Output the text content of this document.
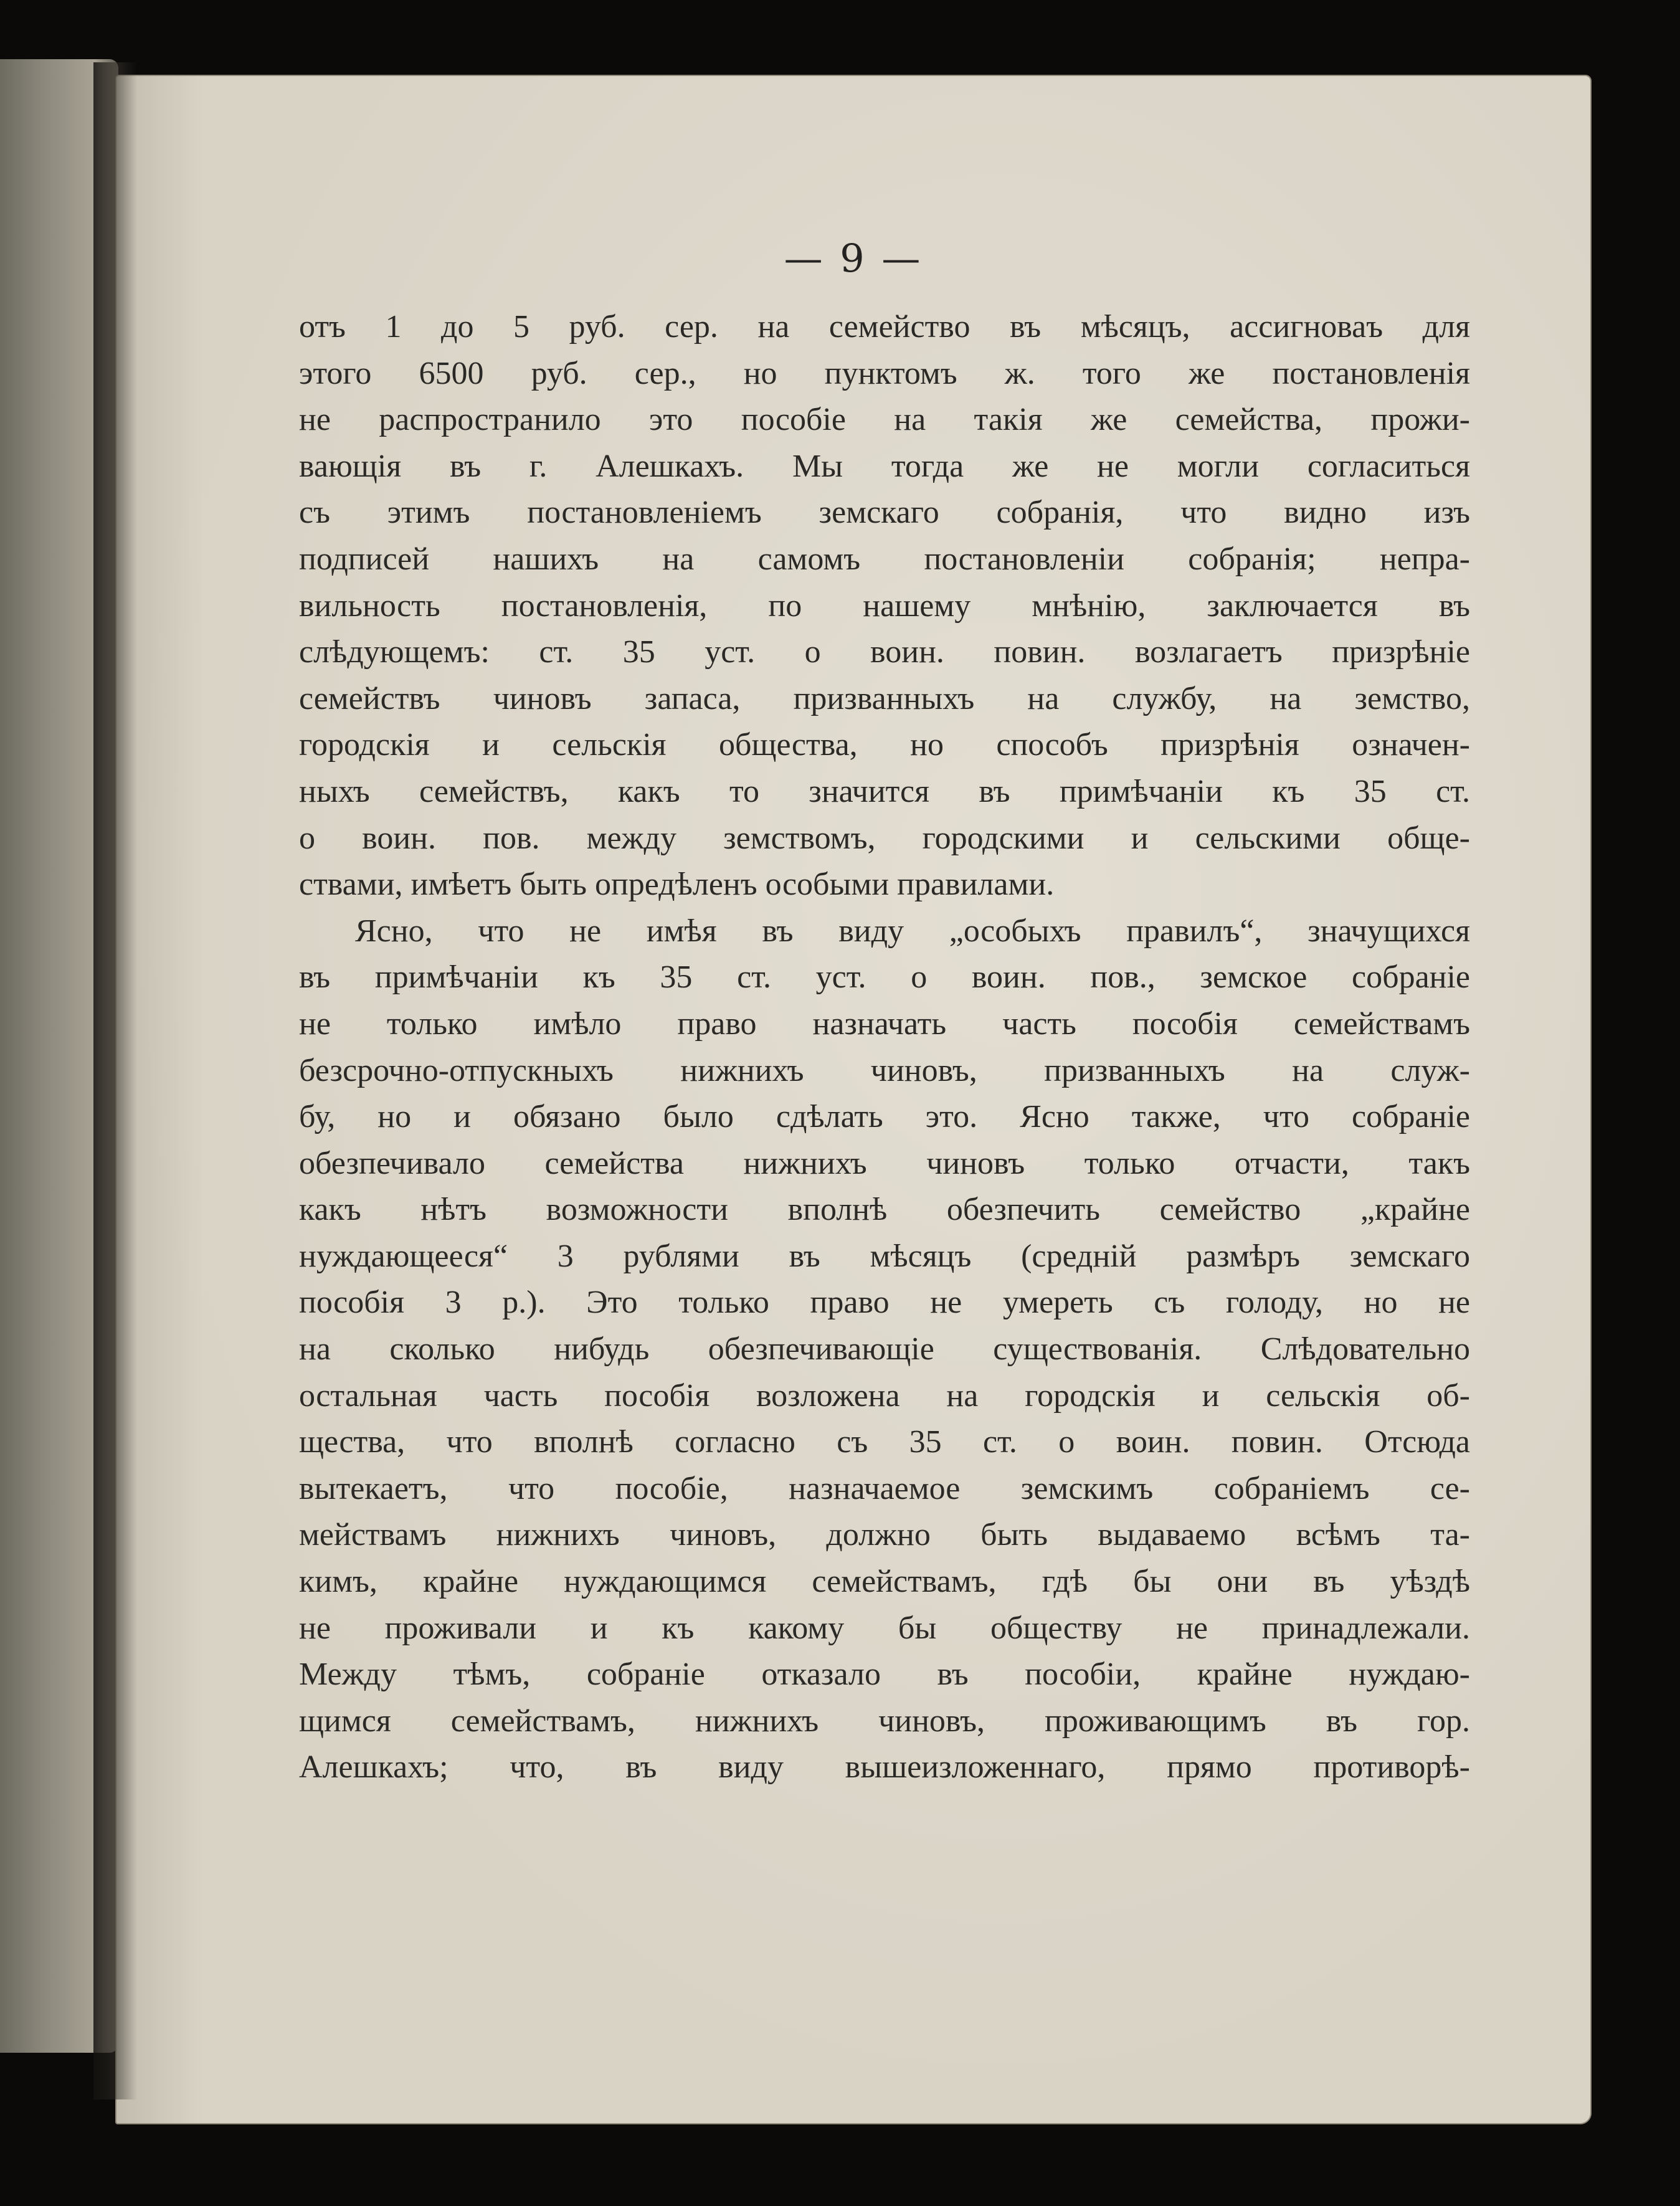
— 9 —
отъ 1 до 5 руб. сер. на семейство въ мѣсяцъ, ассигноваъ для
этого 6500 руб. сер., но пунктомъ ж. того же постановленія
не распространило это пособіе на такія же семейства, прожи-
вающія въ г. Алешкахъ. Мы тогда же не могли согласиться
съ этимъ постановленіемъ земскаго собранія, что видно изъ
подписей нашихъ на самомъ постановленіи собранія; непра-
вильность постановленія, по нашему мнѣнію, заключается въ
слѣдующемъ: ст. 35 уст. о воин. повин. возлагаетъ призрѣніе
семействъ чиновъ запаса, призванныхъ на службу, на земство,
городскія и сельскія общества, но способъ призрѣнія означен-
ныхъ семействъ, какъ то значится въ примѣчаніи къ 35 ст.
о воин. пов. между земствомъ, городскими и сельскими обще-
ствами, имѣетъ быть опредѣленъ особыми правилами.
Ясно, что не имѣя въ виду „особыхъ правилъ“, значущихся
въ примѣчаніи къ 35 ст. уст. о воин. пов., земское собраніе
не только имѣло право назначать часть пособія семействамъ
безсрочно-отпускныхъ нижнихъ чиновъ, призванныхъ на служ-
бу, но и обязано было сдѣлать это. Ясно также, что собраніе
обезпечивало семейства нижнихъ чиновъ только отчасти, такъ
какъ нѣтъ возможности вполнѣ обезпечить семейство „крайне
нуждающееся“ 3 рублями въ мѣсяцъ (средній размѣръ земскаго
пособія 3 р.). Это только право не умереть съ голоду, но не
на сколько нибудь обезпечивающіе существованія. Слѣдовательно
остальная часть пособія возложена на городскія и сельскія об-
щества, что вполнѣ согласно съ 35 ст. о воин. повин. Отсюда
вытекаетъ, что пособіе, назначаемое земскимъ собраніемъ се-
мействамъ нижнихъ чиновъ, должно быть выдаваемо всѣмъ та-
кимъ, крайне нуждающимся семействамъ, гдѣ бы они въ уѣздѣ
не проживали и къ какому бы обществу не принадлежали.
Между тѣмъ, собраніе отказало въ пособіи, крайне нуждаю-
щимся семействамъ, нижнихъ чиновъ, проживающимъ въ гор.
Алешкахъ; что, въ виду вышеизложеннаго, прямо противорѣ-
